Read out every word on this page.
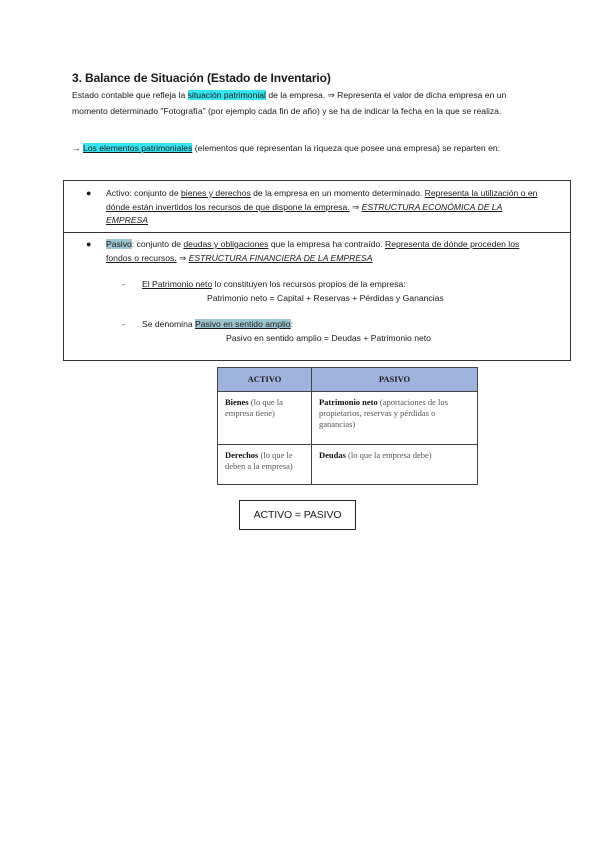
3. Balance de Situación (Estado de Inventario)
Estado contable que refleja la situación patrimonial de la empresa. ⇒ Representa el valor de dicha empresa en un momento determinado "Fotografía" (por ejemplo cada fin de año) y se ha de indicar la fecha en la que se realiza.
→ Los elementos patrimoniales (elementos que representan la riqueza que posee una empresa) se reparten en:
● Activo: conjunto de bienes y derechos de la empresa en un momento determinado. Representa la utilización o en dónde están invertidos los recursos de que dispone la empresa. ⇒ ESTRUCTURA ECONÓMICA DE LA EMPRESA
● Pasivo: conjunto de deudas y obligaciones que la empresa ha contraído. Representa de dónde proceden los fondos o recursos. ⇒ ESTRUCTURA FINANCIERA DE LA EMPRESA
- El Patrimonio neto lo constituyen los recursos propios de la empresa:
Patrimonio neto = Capital + Reservas + Pérdidas y Ganancias
- Se denomina Pasivo en sentido amplio:
Pasivo en sentido amplio = Deudas + Patrimonio neto
ACTIVO	PASIVO
Bienes (lo que la empresa tiene)	Patrimonio neto (aportaciones de los propietarios, reservas y pérdidas o ganancias)
Derechos (lo que le deben a la empresa)	Deudas (lo que la empresa debe)
ACTIVO = PASIVO
